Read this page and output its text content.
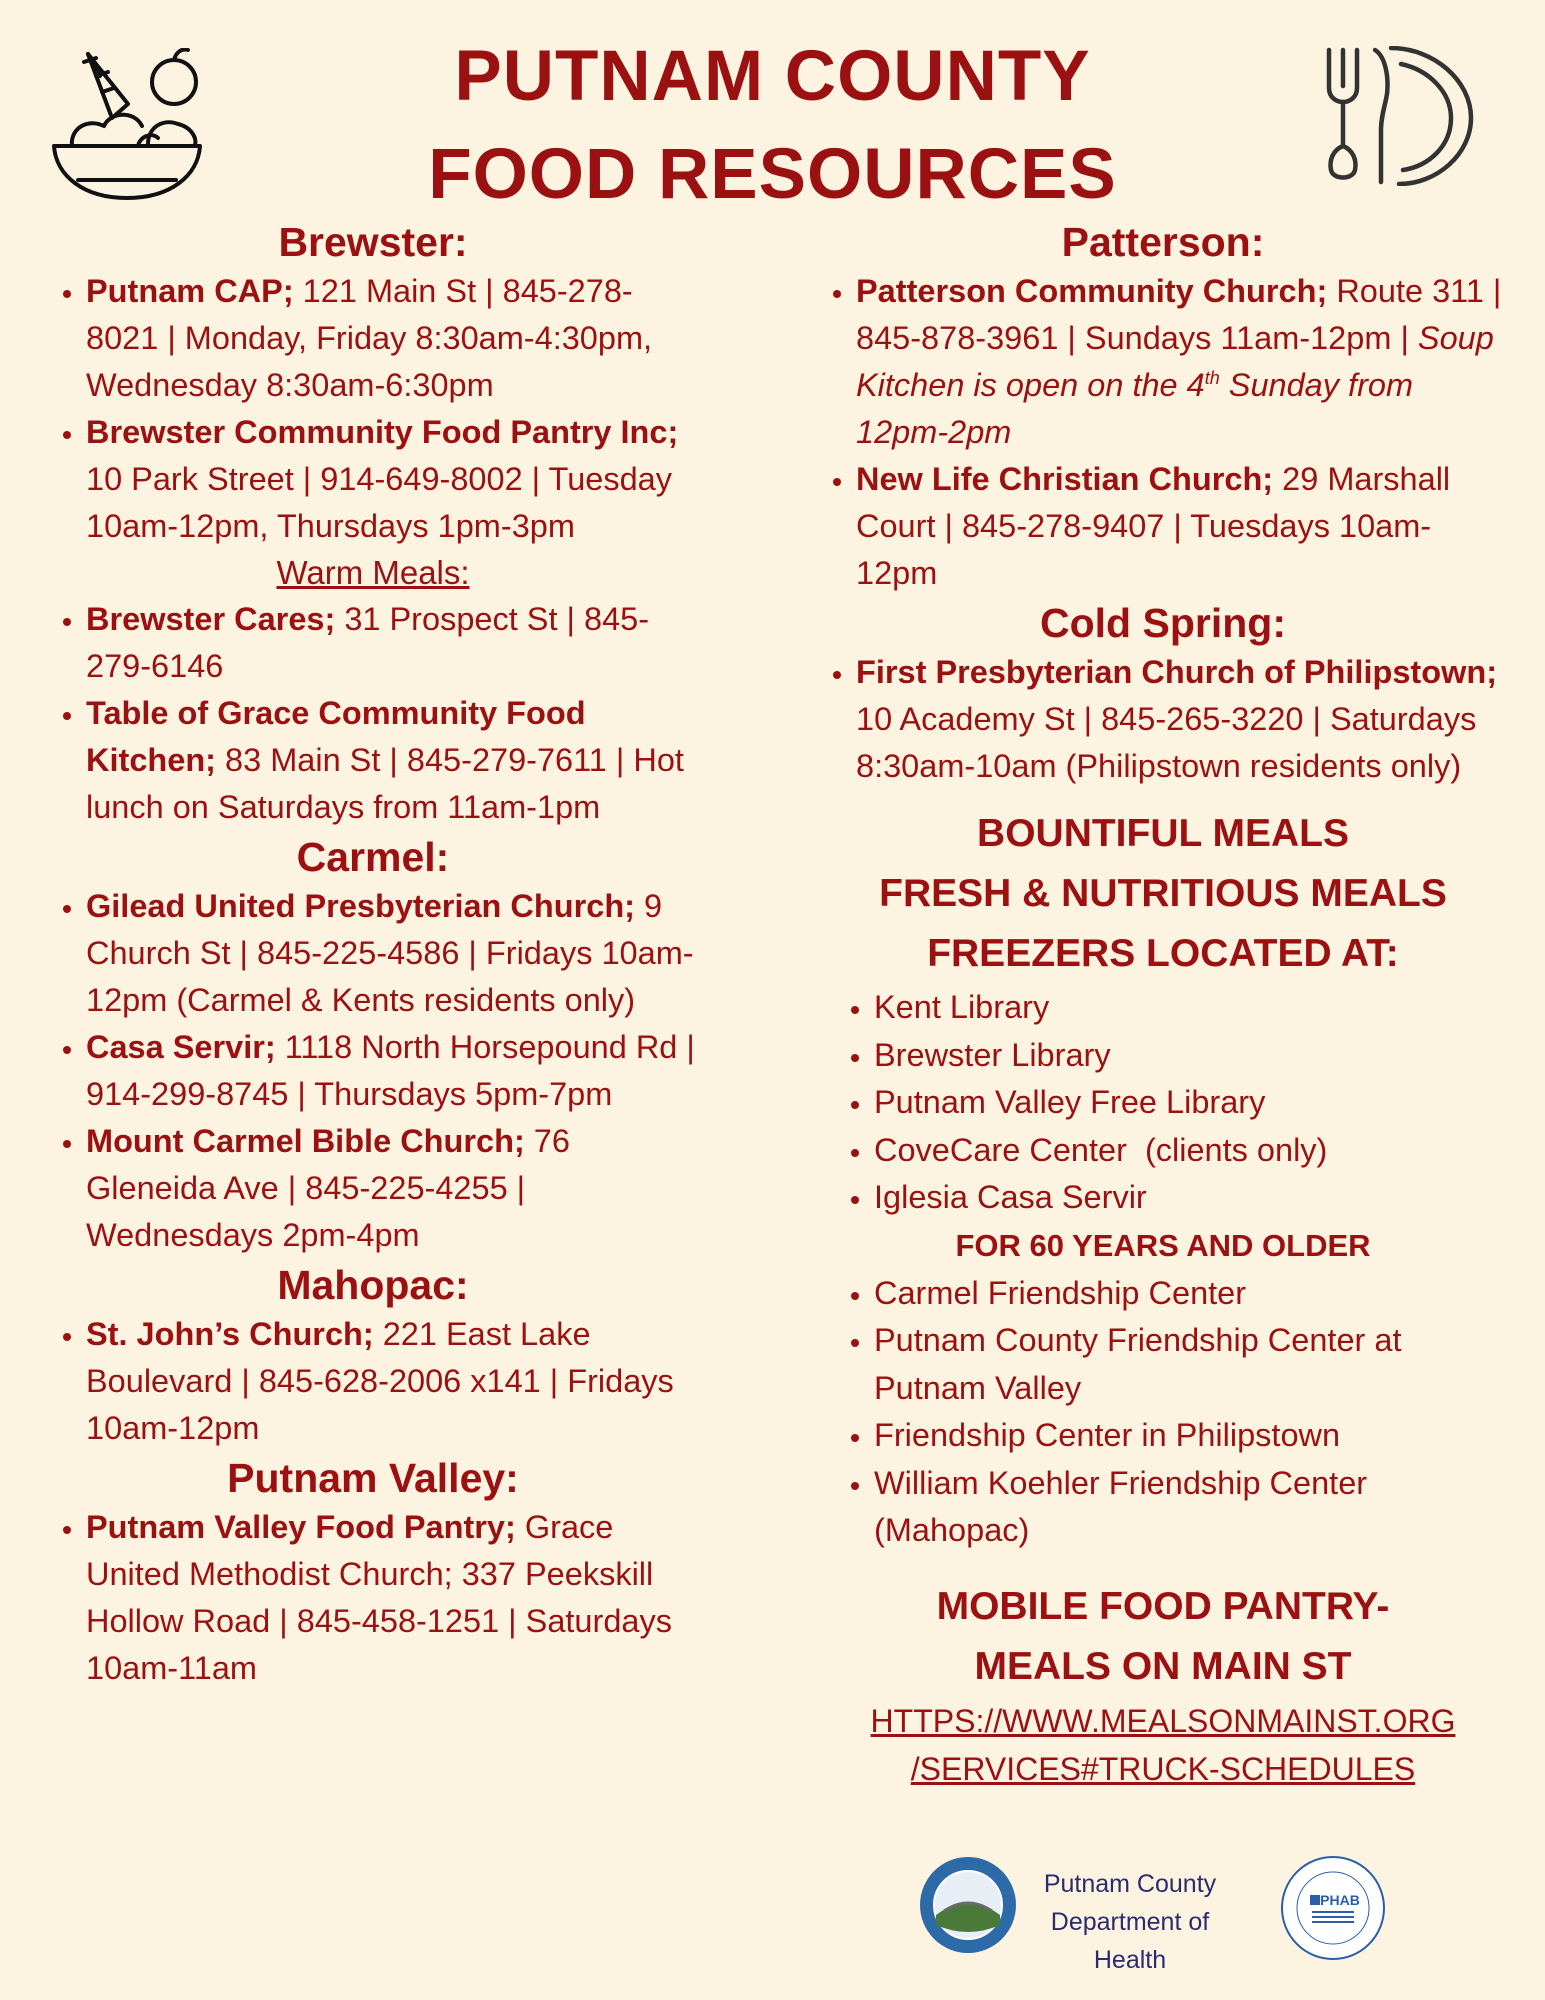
PUTNAM COUNTY
FOOD RESOURCES
Brewster:
• Putnam CAP; 121 Main St | 845-278-8021 | Monday, Friday 8:30am-4:30pm, Wednesday 8:30am-6:30pm
• Brewster Community Food Pantry Inc; 10 Park Street | 914-649-8002 | Tuesday 10am-12pm, Thursdays 1pm-3pm
Warm Meals:
• Brewster Cares; 31 Prospect St | 845-279-6146
• Table of Grace Community Food Kitchen; 83 Main St | 845-279-7611 | Hot lunch on Saturdays from 11am-1pm
Carmel:
• Gilead United Presbyterian Church; 9 Church St | 845-225-4586 | Fridays 10am-12pm (Carmel & Kents residents only)
• Casa Servir; 1118 North Horsepound Rd | 914-299-8745 | Thursdays 5pm-7pm
• Mount Carmel Bible Church; 76 Gleneida Ave | 845-225-4255 | Wednesdays 2pm-4pm
Mahopac:
• St. John’s Church; 221 East Lake Boulevard | 845-628-2006 x141 | Fridays 10am-12pm
Putnam Valley:
• Putnam Valley Food Pantry; Grace United Methodist Church; 337 Peekskill Hollow Road | 845-458-1251 | Saturdays 10am-11am
Patterson:
• Patterson Community Church; Route 311 | 845-878-3961 | Sundays 11am-12pm | Soup Kitchen is open on the 4th Sunday from 12pm-2pm
• New Life Christian Church; 29 Marshall Court | 845-278-9407 | Tuesdays 10am-12pm
Cold Spring:
• First Presbyterian Church of Philipstown; 10 Academy St | 845-265-3220 | Saturdays 8:30am-10am (Philipstown residents only)
BOUNTIFUL MEALS
FRESH & NUTRITIOUS MEALS
FREEZERS LOCATED AT:
• Kent Library
• Brewster Library
• Putnam Valley Free Library
• CoveCare Center  (clients only)
• Iglesia Casa Servir
FOR 60 YEARS AND OLDER
• Carmel Friendship Center
• Putnam County Friendship Center at Putnam Valley
• Friendship Center in Philipstown
• William Koehler Friendship Center (Mahopac)
MOBILE FOOD PANTRY-
MEALS ON MAIN ST
HTTPS://WWW.MEALSONMAINST.ORG
/SERVICES#TRUCK-SCHEDULES
Putnam County
Department of Health
PHAB
